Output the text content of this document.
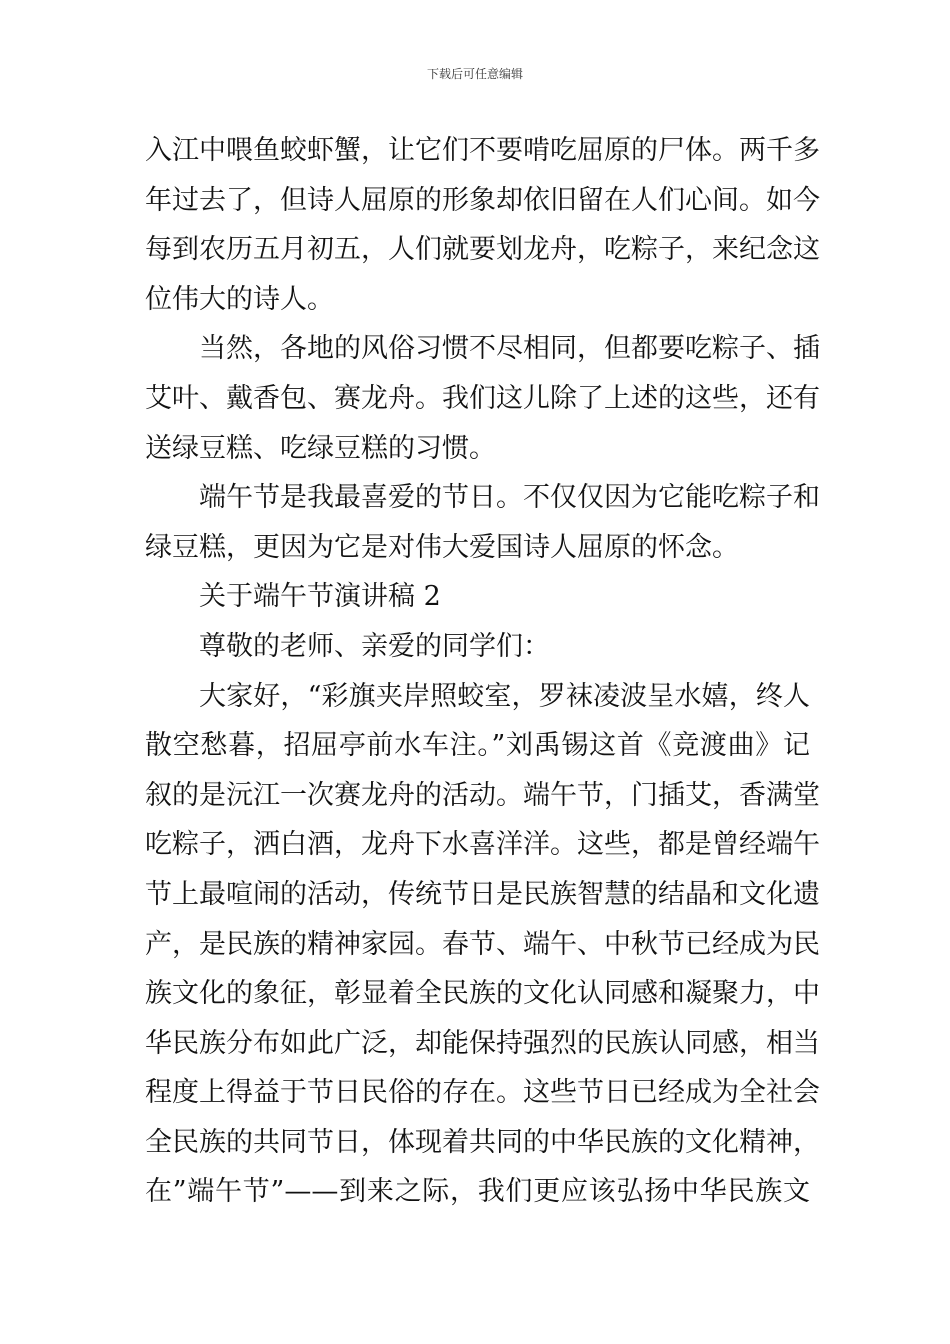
下载后可任意编辑
入江中喂鱼蛟虾蟹，让它们不要啃吃屈原的尸体。两千多
年过去了，但诗人屈原的形象却依旧留在人们心间。如今
每到农历五月初五，人们就要划龙舟，吃粽子，来纪念这
位伟大的诗人。
当然，各地的风俗习惯不尽相同，但都要吃粽子、插
艾叶、戴香包、赛龙舟。我们这儿除了上述的这些，还有
送绿豆糕、吃绿豆糕的习惯。
端午节是我最喜爱的节日。不仅仅因为它能吃粽子和
绿豆糕，更因为它是对伟大爱国诗人屈原的怀念。
关于端午节演讲稿 2
尊敬的老师、亲爱的同学们：
大家好，“彩旗夹岸照蛟室，罗袜凌波呈水嬉，终人
散空愁暮，招屈亭前水车注。”刘禹锡这首《竞渡曲》记
叙的是沅江一次赛龙舟的活动。端午节，门插艾，香满堂
吃粽子，洒白酒，龙舟下水喜洋洋。这些，都是曾经端午
节上最喧闹的活动，传统节日是民族智慧的结晶和文化遗
产，是民族的精神家园。春节、端午、中秋节已经成为民
族文化的象征，彰显着全民族的文化认同感和凝聚力，中
华民族分布如此广泛，却能保持强烈的民族认同感，相当
程度上得益于节日民俗的存在。这些节日已经成为全社会
全民族的共同节日，体现着共同的中华民族的文化精神，
在”端午节”——到来之际，我们更应该弘扬中华民族文
